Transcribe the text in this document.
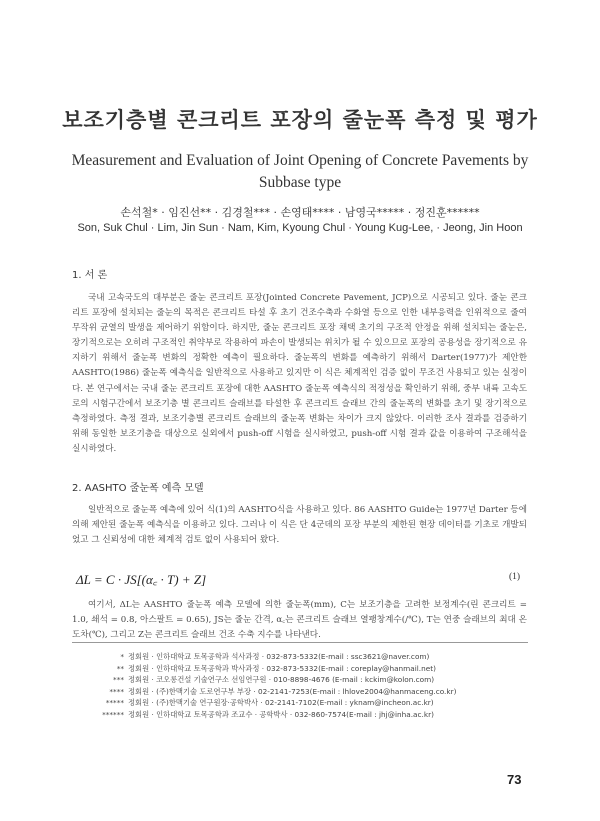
보조기층별 콘크리트 포장의 줄눈폭 측정 및 평가
Measurement and Evaluation of Joint Opening of Concrete Pavements by Subbase type
손석철* · 임진선** · 김경철*** · 손영태**** · 남영국***** · 정진훈******
Son, Suk Chul · Lim, Jin Sun · Nam, Kim, Kyoung Chul · Young Kug-Lee, · Jeong, Jin Hoon
1. 서 론

국내 고속국도의 대부분은 줄눈 콘크리트 포장(Jointed Concrete Pavement, JCP)으로 시공되고 있다. 줄눈 콘크리트 포장에 설치되는 줄눈의 목적은 콘크리트 타설 후 초기 건조수축과 수화열 등으로 인한 내부응력을 인위적으로 줄여 무작위 균열의 발생을 제어하기 위함이다. 하지만, 줄눈 콘크리트 포장 채택 초기의 구조적 안정을 위해 설치되는 줄눈은, 장기적으로는 오히려 구조적인 취약부로 작용하여 파손이 발생되는 위치가 될 수 있으므로 포장의 공용성을 장기적으로 유지하기 위해서 줄눈폭 변화의 정확한 예측이 필요하다. 줄눈폭의 변화를 예측하기 위해서 Darter(1977)가 제안한 AASHTO(1986) 줄눈폭 예측식을 일반적으로 사용하고 있지만 이 식은 체계적인 검증 없이 무조건 사용되고 있는 실정이다. 본 연구에서는 국내 줄눈 콘크리트 포장에 대한 AASHTO 줄눈폭 예측식의 적정성을 확인하기 위해, 중부 내륙 고속도로의 시험구간에서 보조기층 별 콘크리트 슬래브를 타설한 후 콘크리트 슬래브 간의 줄눈폭의 변화를 초기 및 장기적으로 측정하였다. 측정 결과, 보조기층별 콘크리트 슬래브의 줄눈폭 변화는 차이가 크지 않았다. 이러한 조사 결과를 검증하기 위해 동일한 보조기층을 대상으로 실외에서 push-off 시험을 실시하였고, push-off 시험 결과 값을 이용하여 구조해석을 실시하였다.

2. AASHTO 줄눈폭 예측 모델

일반적으로 줄눈폭 예측에 있어 식(1)의 AASHTO식을 사용하고 있다. 86 AASHTO Guide는 1977년 Darter 등에 의해 제안된 줄눈폭 예측식을 이용하고 있다. 그러나 이 식은 단 4군데의 포장 부분의 제한된 현장 데이터를 기초로 개발되었고 그 신뢰성에 대한 체계적 검토 없이 사용되어 왔다.

ΔL = C · JS[(α꜀ · T) + Z]	(1)

여기서, ΔL는 AASHTO 줄눈폭 예측 모델에 의한 줄눈폭(mm), C는 보조기층을 고려한 보정계수(린 콘크리트 = 1.0, 쇄석 = 0.8, 아스팔트 = 0.65), JS는 줄눈 간격, α꜀는 콘크리트 슬래브 열팽창계수(/℃), T는 연중 슬래브의 최대 온도차(℃), 그리고 Z는 콘크리트 슬래브 건조 수축 지수를 나타낸다.

* 정회원 · 인하대학교 토목공학과 석사과정 · 032-873-5332(E-mail : ssc3621@naver.com)
** 정회원 · 인하대학교 토목공학과 박사과정 · 032-873-5332(E-mail : coreplay@hanmail.net)
*** 정회원 · 코오롱건설 기술연구소 선임연구원 · 010-8898-4676 (E-mail : kckim@kolon.com)
**** 정회원 · (주)한맥기술 도로연구부 부장 · 02-2141-7253(E-mail : lhlove2004@hanmaceng.co.kr)
***** 정회원 · (주)한맥기술 연구원장·공학박사 · 02-2141-7102(E-mail : yknam@incheon.ac.kr)
****** 정회원 · 인하대학교 토목공학과 조교수 · 공학박사 · 032-860-7574(E-mail : jhj@inha.ac.kr)
73
